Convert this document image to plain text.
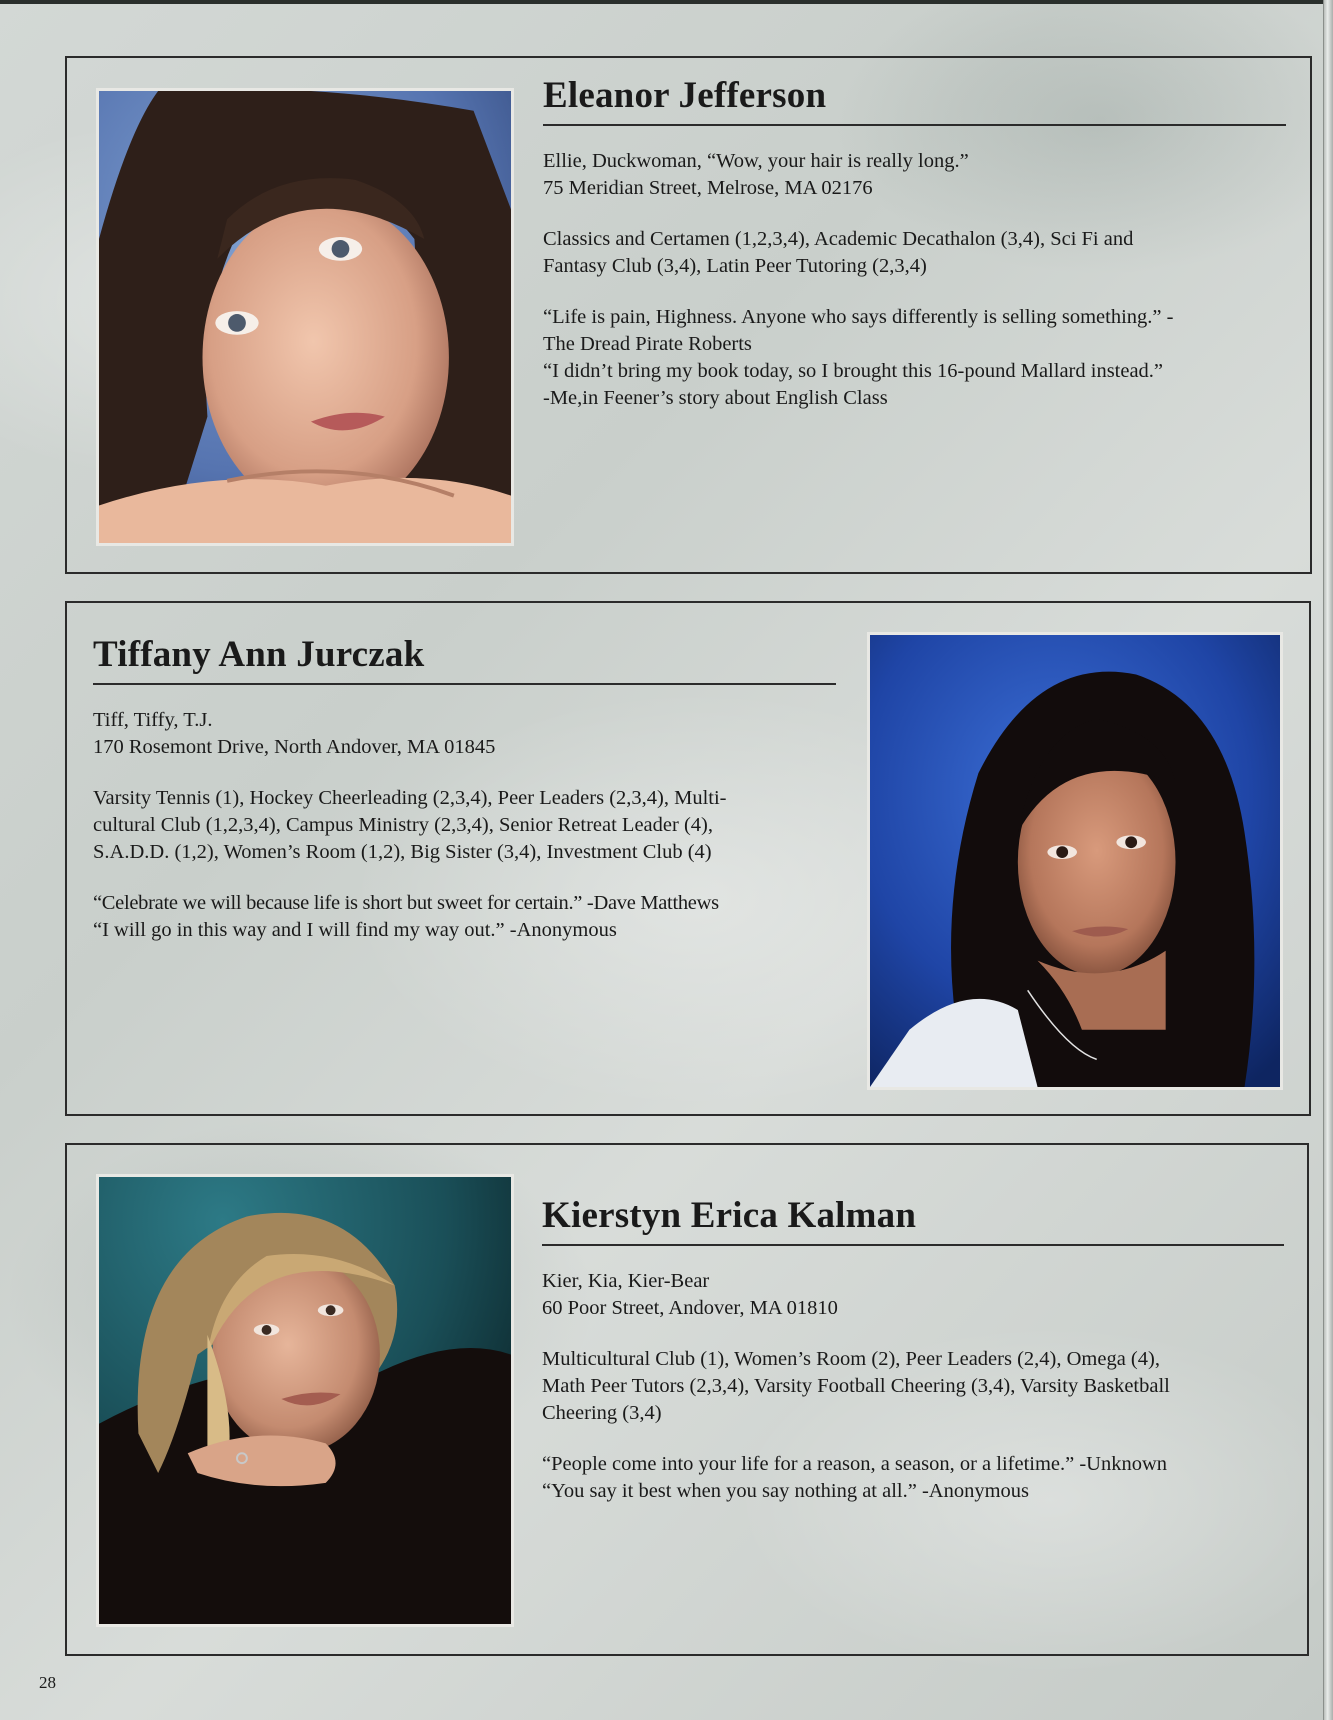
Eleanor Jefferson

Ellie, Duckwoman, “Wow, your hair is really long.”

75 Meridian Street, Melrose, MA 02176

Classics and Certamen (1,2,3,4), Academic Decathalon (3,4), Sci Fi and

Fantasy Club (3,4), Latin Peer Tutoring (2,3,4)

“Life is pain, Highness. Anyone who says differently is selling something.” -

The Dread Pirate Roberts

“I didn’t bring my book today, so I brought this 16-pound Mallard instead.”

-Me,in Feener’s story about English Class

Tiffany Ann Jurczak

Tiff, Tiffy, T.J.

170 Rosemont Drive, North Andover, MA 01845

Varsity Tennis (1), Hockey Cheerleading (2,3,4), Peer Leaders (2,3,4), Multi-

cultural Club (1,2,3,4), Campus Ministry (2,3,4), Senior Retreat Leader (4),

S.A.D.D. (1,2), Women’s Room (1,2), Big Sister (3,4), Investment Club (4)

“Celebrate we will because life is short but sweet for certain.” -Dave Matthews

“I will go in this way and I will find my way out.” -Anonymous

Kierstyn Erica Kalman

Kier, Kia, Kier-Bear

60 Poor Street, Andover, MA 01810

Multicultural Club (1), Women’s Room (2), Peer Leaders (2,4), Omega (4),

Math Peer Tutors (2,3,4), Varsity Football Cheering (3,4), Varsity Basketball

Cheering (3,4)

“People come into your life for a reason, a season, or a lifetime.” -Unknown

“You say it best when you say nothing at all.” -Anonymous

28
